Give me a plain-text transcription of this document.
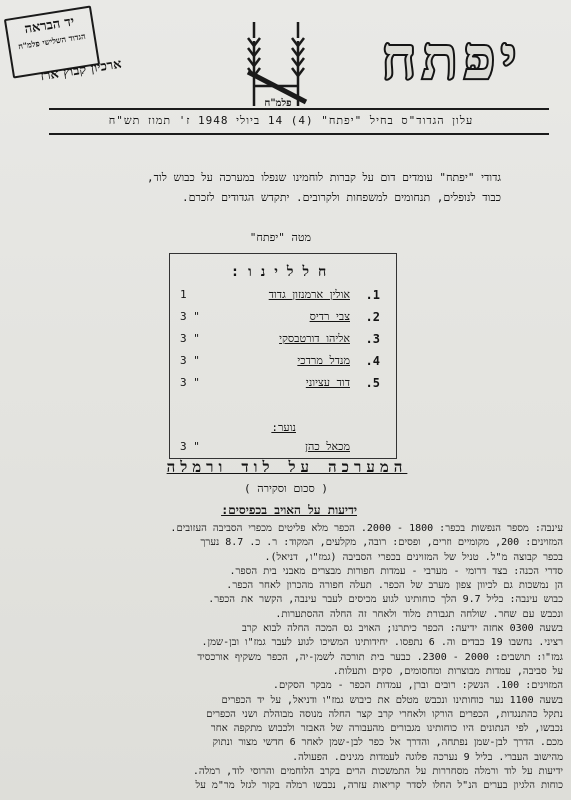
יפתח
פלמ"ח
יד הבראה
הגדוד השלישי פלמ"ח
ארכיון קבוץ ארז
עלון הגדוד"ס בחיל "יפתח" (4) 14 ביולי 1948 ז' תמוז תש"ח

גדודי "יפתח" עומדים דום על קברות לוחמינו שנפלו במערכה על כבוש לוד,

כבוד לנופלים, תנחומים למשפחות ולקרובים. יתקדש הגדודים לזכרם.

מטה "יפתח"
חללינו:
1.
אולין ארמנזון גדוד
1
2.
צבי רדיס
" 3
3.
אליהו דורטבסקי
" 3
4.
מנדל מרדכי
" 3
5.
דוד עציוני
" 3
נוער:
מכאל כהן
" 3
המערכה על לוד ורמלה
( סכום וסקירה )
ידיעות על האויב בכפיסים:

עינבה: מספר הנפשות בכפר: 1800 - 2000. הכפר מלא פליטים מכפרי הסביבה העזובים.

המזוינים: 200, מקומיים וזרים, ופסים: רובה, מקלעים, המקוד: ר. כ. 8.7 נערך

בכפר קבוצה מ"ל. טניל של המזוינים בכפרי הסביבה (גמז"ו, דניאל).

סדרי הכנה: בצד דרומי - מערבי - עמדות חפורות מבצרים מאבני בית הספר.

הן נמשכות גם לכיוון צפון מערב של הכפר. תעלה חפורה מהכרון לאחר הכפר.

כבוש עינבה: בליל 9.7 הלך כוחותינו לגוע מכיסים לעבר עינבה, הקשר את הכפר.

ונכבש עם שחר. שולחה תגבורת מלוד ולאחר זה החלה ההסתערות.

בשעה 0300 אחזה ידיעה: הכפר כיתרנו; האויב גס המכה החלה לבוא קרב

רציני. נחשבו 19 כבדים וה. 6 נתפסו. יחידותינו המשיכו לגוע לעבר גמז"ו ובן-שמן.

גמז"ו: תושבים: 2000 - 2300. כבער בית תורכה לשמן-יה, הכפר משקיף אורכסיד

על סביבה, עמדות מבוצרות ומחסומים, סקים ותעלות.

המזוינים: 100. הנשק: רובים וברן, עמדות הכפר - מבקר הסקים.

בשעה 1100 נער כוחותינו ונכבש מטלם את כיבוש גמז"ו ודניאל, על יד הכפרים

נתקל כהתנגדות, הכפרים הורקו ולאחרי קרב קצר החלה מנוסה מבוהלת ושני הכפרים

נכבשו, לפי הנתונים היו כוחותינו מגבורים מהעבורה של האבזר ולכבוש מתקפה אחר

מכם. הדרך לבן-שמן נפתחה, והדרך אל כפר לבן-שמן לאחר 6 חדשי מצור ונתוק

מהישוב העברי. בליל 9 נערכה פלוגה לעמדות מגינים. הפעולה.

ידיעות על לוד ורמלה מסחררות על התמשכות הרים בקרב הלוחמים והרוסי לוד, רמלה.

כוחות הלגיון בערים הנ"ל החלו לסדר קריאות עזרה, נכבשו רמלה בקור לגזל מר"מ על
